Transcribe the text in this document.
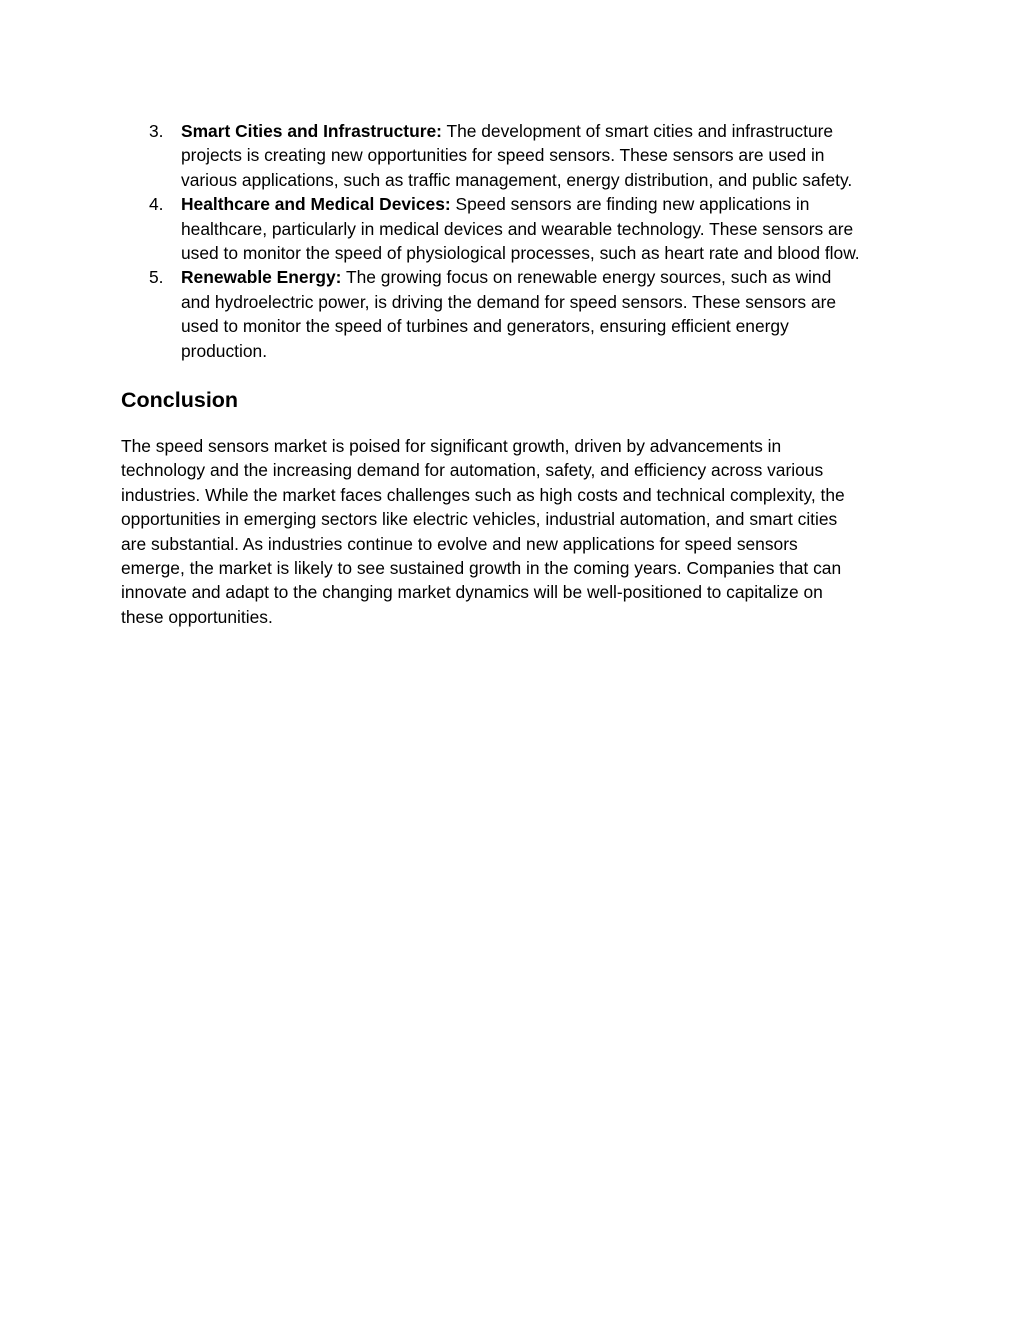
3. Smart Cities and Infrastructure: The development of smart cities and infrastructure
projects is creating new opportunities for speed sensors. These sensors are used in
various applications, such as traffic management, energy distribution, and public safety.
4. Healthcare and Medical Devices: Speed sensors are finding new applications in
healthcare, particularly in medical devices and wearable technology. These sensors are
used to monitor the speed of physiological processes, such as heart rate and blood flow.
5. Renewable Energy: The growing focus on renewable energy sources, such as wind
and hydroelectric power, is driving the demand for speed sensors. These sensors are
used to monitor the speed of turbines and generators, ensuring efficient energy
production.
Conclusion

The speed sensors market is poised for significant growth, driven by advancements in
technology and the increasing demand for automation, safety, and efficiency across various
industries. While the market faces challenges such as high costs and technical complexity, the
opportunities in emerging sectors like electric vehicles, industrial automation, and smart cities
are substantial. As industries continue to evolve and new applications for speed sensors
emerge, the market is likely to see sustained growth in the coming years. Companies that can
innovate and adapt to the changing market dynamics will be well-positioned to capitalize on
these opportunities.
